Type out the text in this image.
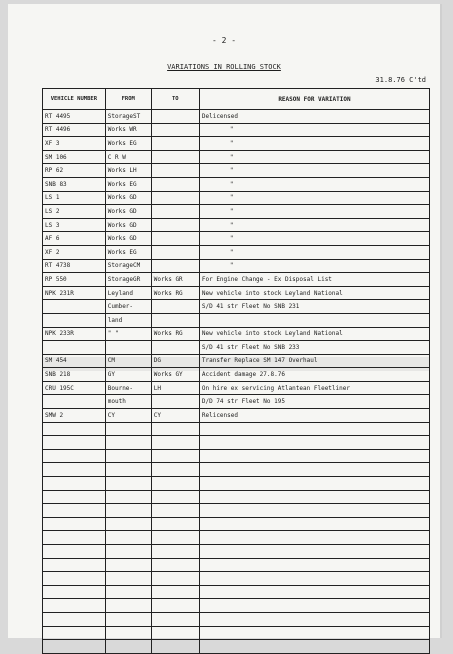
- 2 -
VARIATIONS IN ROLLING STOCK
31.8.76 C'td
VEHICLE NUMBER	FROM	TO	REASON FOR VARIATION
RT 4495	StorageST		Delicensed
RT 4496	Works WR		"
XF 3	Works EG		"
SM 106	C R W		"
RP 62	Works LH		"
SNB 83	Works EG		"
LS 1	Works GD		"
LS 2	Works GD		"
LS 3	Works GD		"
AF 6	Works GD		"
XF 2	Works EG		"
RT 4738	StorageCM		"
RP 550	StorageGR	Works GR	For Engine Change - Ex Disposal List
NPK 231R	Leyland	Works RG	New vehicle into stock Leyland National
	Cumber-		S/D 41 str Fleet No SNB 231
	land		
NPK 233R	" "	Works RG	New vehicle into stock Leyland National
			S/D 41 str Fleet No SNB 233
SM 454	CM	DG	Transfer Replace SM 147 Overhaul
SNB 218	GY	Works GY	Accident damage 27.8.76
CRU 195C	Bourne-	LH	On hire ex servicing Atlantean Fleetliner
	mouth		D/D 74 str Fleet No 195
SMW 2	CY	CY	Relicensed
